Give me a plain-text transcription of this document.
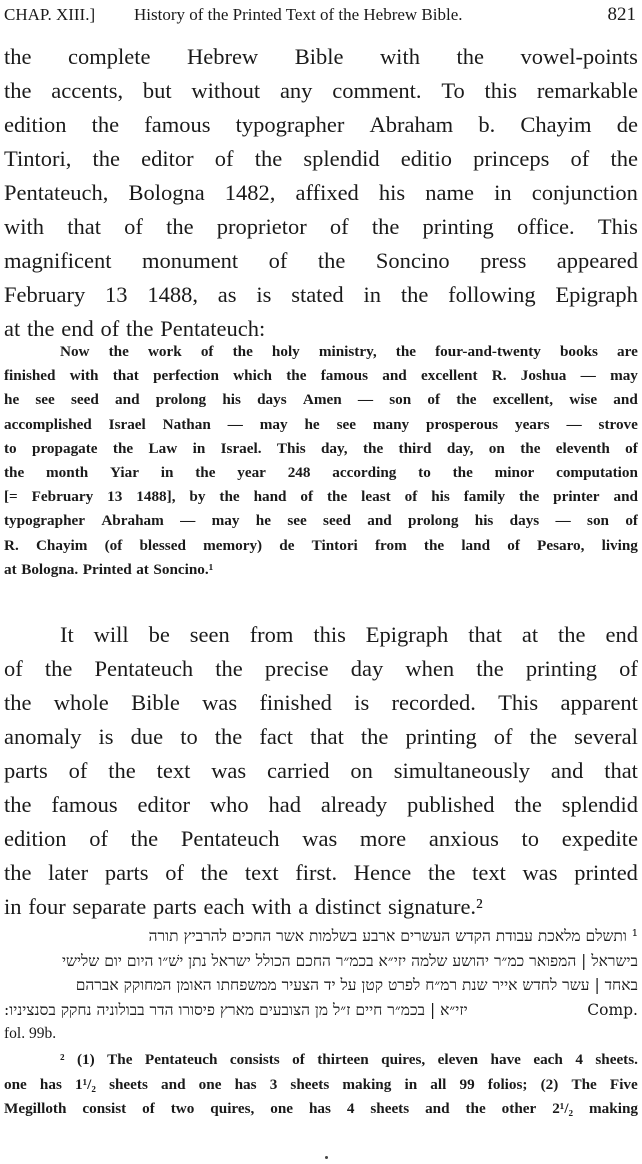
CHAP. XIII.] History of the Printed Text of the Hebrew Bible.	821
the complete Hebrew Bible with the vowel-points
the accents, but without any comment. To this remarkable
edition the famous typographer Abraham b. Chayim de
Tintori, the editor of the splendid editio princeps of the
Pentateuch, Bologna 1482, affixed his name in conjunction
with that of the proprietor of the printing office. This
magnificent monument of the Soncino press appeared
February 13 1488, as is stated in the following Epigraph
at the end of the Pentateuch:
Now the work of the holy ministry, the four-and-twenty books are
finished with that perfection which the famous and excellent R. Joshua — may
he see seed and prolong his days Amen — son of the excellent, wise and
accomplished Israel Nathan — may he see many prosperous years — strove
to propagate the Law in Israel. This day, the third day, on the eleventh of
the month Yiar in the year 248 according to the minor computation
[= February 13 1488], by the hand of the least of his family the printer and
typographer Abraham — may he see seed and prolong his days — son of
R. Chayim (of blessed memory) de Tintori from the land of Pesaro, living
at Bologna. Printed at Soncino.¹
It will be seen from this Epigraph that at the end
of the Pentateuch the precise day when the printing of
the whole Bible was finished is recorded. This apparent
anomaly is due to the fact that the printing of the several
parts of the text was carried on simultaneously and that
the famous editor who had already published the splendid
edition of the Pentateuch was more anxious to expedite
the later parts of the text first. Hence the text was printed
in four separate parts each with a distinct signature.²
¹ ותשלם מלאכת עבודת הקדש העשרים ארבע בשלמות אשר החכים להרביץ תורה
בישראל | המפואר כמ״ר יהושע שלמה יזי״א בכמ״ר החכם הכולל ישראל נתן ישׁ״ו היום יום שלישי
באחד | עשר לחדש אייר שנת רמ״ח לפרט קטן על יד הצעיר ממשפחתו האומן המחוקק אברהם
יזי״א | בכמ״ר חיים ז״ל מן הצובעים מארץ פיסורו הדר בבולוניה נחקק בסנציניו:	Comp.
fol. 99b.
² (1) The Pentateuch consists of thirteen quires, eleven have each 4 sheets.
one has 1¹/₂ sheets and one has 3 sheets making in all 99 folios; (2) The Five
Megilloth consist of two quires, one has 4 sheets and the other 2¹/₂ making
